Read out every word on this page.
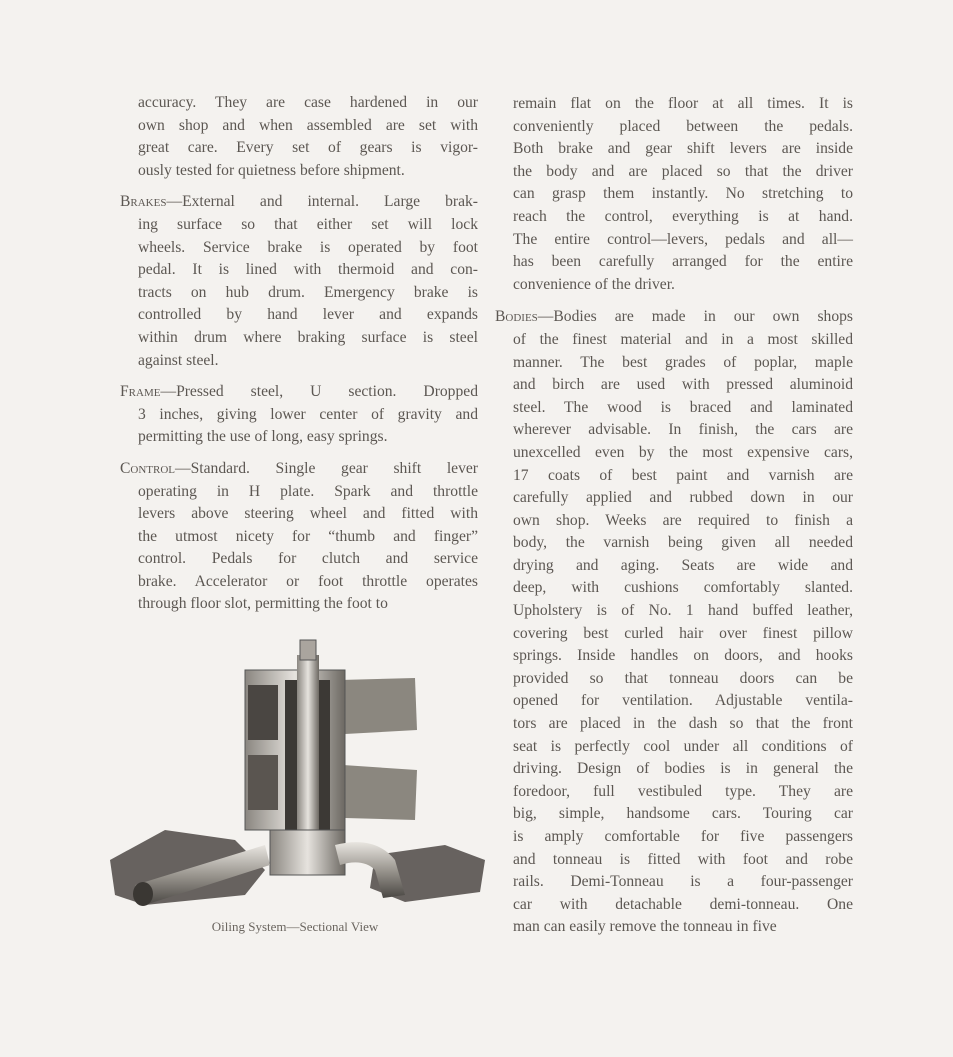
accuracy. They are case hardened in our
own shop and when assembled are set with
great care. Every set of gears is vigor-
ously tested for quietness before shipment.
Brakes—External and internal. Large brak-
ing surface so that either set will lock
wheels. Service brake is operated by foot
pedal. It is lined with thermoid and con-
tracts on hub drum. Emergency brake is
controlled by hand lever and expands
within drum where braking surface is steel
against steel.
Frame—Pressed steel, U section. Dropped
3 inches, giving lower center of gravity and
permitting the use of long, easy springs.
Control—Standard. Single gear shift lever
operating in H plate. Spark and throttle
levers above steering wheel and fitted with
the utmost nicety for “thumb and finger”
control. Pedals for clutch and service
brake. Accelerator or foot throttle operates
through floor slot, permitting the foot to
remain flat on the floor at all times. It is
conveniently placed between the pedals.
Both brake and gear shift levers are inside
the body and are placed so that the driver
can grasp them instantly. No stretching to
reach the control, everything is at hand.
The entire control—levers, pedals and all—
has been carefully arranged for the entire
convenience of the driver.
Bodies—Bodies are made in our own shops
of the finest material and in a most skilled
manner. The best grades of poplar, maple
and birch are used with pressed aluminoid
steel. The wood is braced and laminated
wherever advisable. In finish, the cars are
unexcelled even by the most expensive cars,
17 coats of best paint and varnish are
carefully applied and rubbed down in our
own shop. Weeks are required to finish a
body, the varnish being given all needed
drying and aging. Seats are wide and
deep, with cushions comfortably slanted.
Upholstery is of No. 1 hand buffed leather,
covering best curled hair over finest pillow
springs. Inside handles on doors, and hooks
provided so that tonneau doors can be
opened for ventilation. Adjustable ventila-
tors are placed in the dash so that the front
seat is perfectly cool under all conditions of
driving. Design of bodies is in general the
foredoor, full vestibuled type. They are
big, simple, handsome cars. Touring car
is amply comfortable for five passengers
and tonneau is fitted with foot and robe
rails. Demi-Tonneau is a four-passenger
car with detachable demi-tonneau. One
man can easily remove the tonneau in five
Oiling System—Sectional View
